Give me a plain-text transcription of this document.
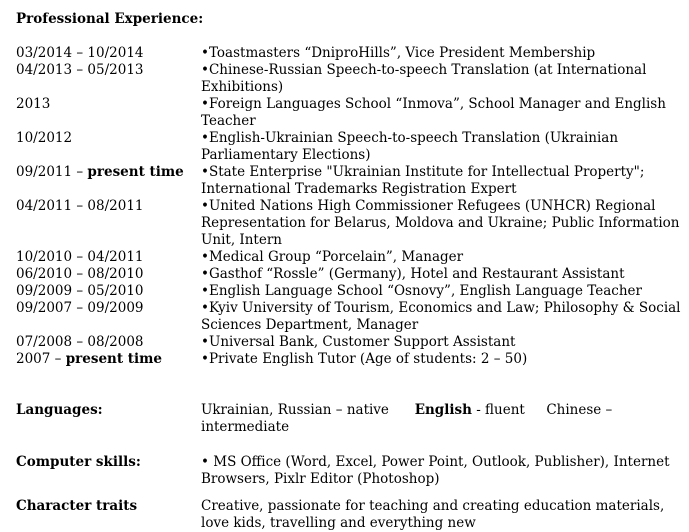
Professional Experience:
03/2014 – 10/2014	•Toastmasters “DniproHills”, Vice President Membership
04/2013 – 05/2013	•Chinese-Russian Speech-to-speech Translation (at International Exhibitions)
2013	•Foreign Languages School “Inmova”, School Manager and English Teacher
10/2012	•English-Ukrainian Speech-to-speech Translation (Ukrainian Parliamentary Elections)
09/2011 – present time	•State Enterprise "Ukrainian Institute for Intellectual Property"; International Trademarks Registration Expert
04/2011 – 08/2011	•United Nations High Commissioner Refugees (UNHCR) Regional Representation for Belarus, Moldova and Ukraine; Public Information Unit, Intern
10/2010 – 04/2011	•Medical Group “Porcelain”, Manager
06/2010 – 08/2010	•Gasthof “Rossle” (Germany), Hotel and Restaurant Assistant
09/2009 – 05/2010	•English Language School “Osnovy”, English Language Teacher
09/2007 – 09/2009	•Kyiv University of Tourism, Economics and Law; Philosophy & Social Sciences Department, Manager
07/2008 – 08/2008	•Universal Bank, Customer Support Assistant
2007 – present time	•Private English Tutor (Age of students: 2 – 50)
Languages:	Ukrainian, Russian – native English - fluent Chinese – intermediate
Computer skills:	• MS Office (Word, Excel, Power Point, Outlook, Publisher), Internet Browsers, Pixlr Editor (Photoshop)
Character traits	Creative, passionate for teaching and creating education materials, love kids, travelling and everything new
